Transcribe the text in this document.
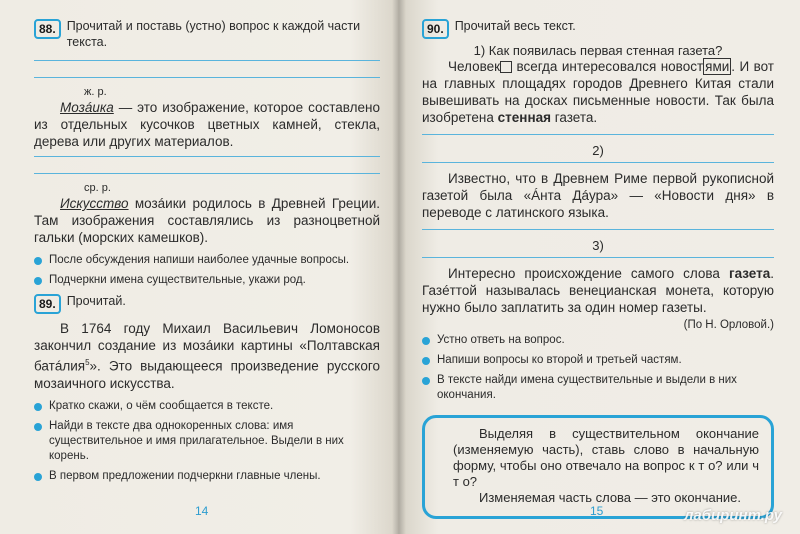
88. Прочитай и поставь (устно) вопрос к каждой части текста.
ж. р.

Мозáика — это изображение, которое составлено из отдельных кусочков цветных камней, стекла, дерева или других материалов.

ср. р.

Искусство мозáики родилось в Древней Греции. Там изображения составлялись из разноцветной гальки (морских камешков).

После обсуждения напиши наиболее удачные вопросы.
Подчеркни имена существительные, укажи род.
89. Прочитай.

В 1764 году Михаил Васильевич Ломоносов закончил создание из мозáики картины «Полтавская батáлия$^5$». Это выдающееся произведение русского мозаичного искусства.

Кратко скажи, о чём сообщается в тексте.
Найди в тексте два однокоренных слова: имя существительное и имя прилагательное. Выдели в них корень.
В первом предложении подчеркни главные члены.
14
90. Прочитай весь текст.
1) Как появилась первая стенная газета?

Человек всегда интересовался новост ями . И вот на главных площадях городов Древнего Китая стали вывешивать на досках письменные новости. Так была изобретена стенная газета.

2)

Известно, что в Древнем Риме первой рукописной газетой была «Áнта Дáура» — «Новости дня» в переводе с латинского языка.

3)

Интересно происхождение самого слова газета. Газéттой называлась венецианская монета, которую нужно было заплатить за один номер газеты.

(По Н. Орловой.)
Устно ответь на вопрос.
Напиши вопросы ко второй и третьей частям.
В тексте найди имена существительные и выдели в них окончания.

Выделяя в существительном окончание (изменяемую часть), ставь слово в начальную форму, чтобы оно отвечало на вопрос к т о? или ч т о?

Изменяемая часть слова — это окончание.

15	лабиринт.ру
